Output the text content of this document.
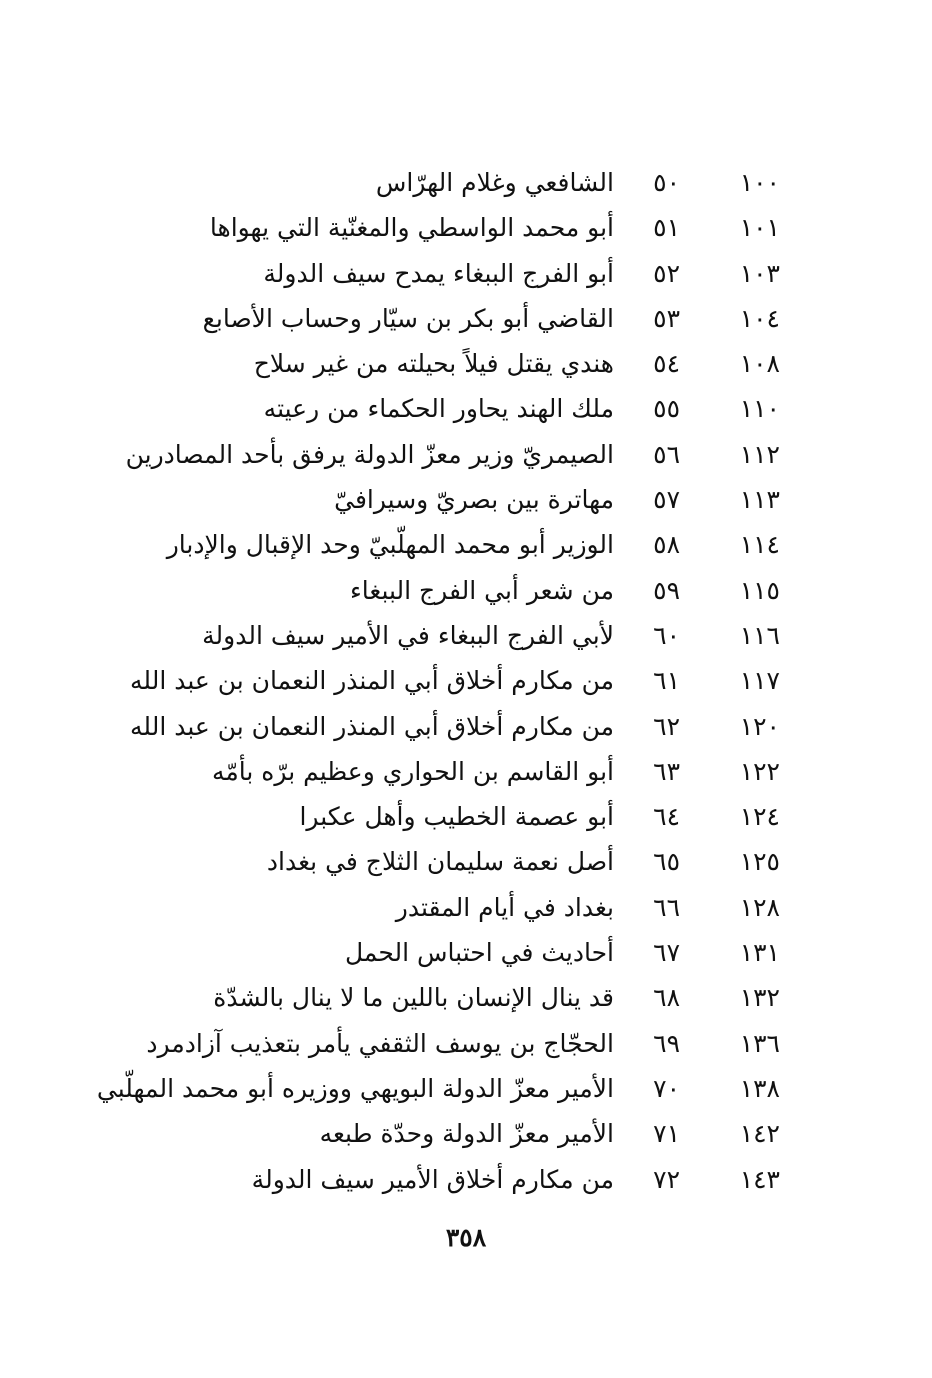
١٠٠
٥٠
الشافعي وغلام الهرّاس
١٠١
٥١
أبو محمد الواسطي والمغنّية التي يهواها
١٠٣
٥٢
أبو الفرج الببغاء يمدح سيف الدولة
١٠٤
٥٣
القاضي أبو بكر بن سيّار وحساب الأصابع
١٠٨
٥٤
هندي يقتل فيلاً بحيلته من غير سلاح
١١٠
٥٥
ملك الهند يحاور الحكماء من رعيته
١١٢
٥٦
الصيمريّ وزير معزّ الدولة يرفق بأحد المصادرين
١١٣
٥٧
مهاترة بين بصريّ وسيرافيّ
١١٤
٥٨
الوزير أبو محمد المهلّبيّ وحد الإقبال والإدبار
١١٥
٥٩
من شعر أبي الفرج الببغاء
١١٦
٦٠
لأبي الفرج الببغاء في الأمير سيف الدولة
١١٧
٦١
من مكارم أخلاق أبي المنذر النعمان بن عبد الله
١٢٠
٦٢
من مكارم أخلاق أبي المنذر النعمان بن عبد الله
١٢٢
٦٣
أبو القاسم بن الحواري وعظيم برّه بأمّه
١٢٤
٦٤
أبو عصمة الخطيب وأهل عكبرا
١٢٥
٦٥
أصل نعمة سليمان الثلاج في بغداد
١٢٨
٦٦
بغداد في أيام المقتدر
١٣١
٦٧
أحاديث في احتباس الحمل
١٣٢
٦٨
قد ينال الإنسان باللين ما لا ينال بالشدّة
١٣٦
٦٩
الحجّاج بن يوسف الثقفي يأمر بتعذيب آزادمرد
١٣٨
٧٠
الأمير معزّ الدولة البويهي ووزيره أبو محمد المهلّبي
١٤٢
٧١
الأمير معزّ الدولة وحدّة طبعه
١٤٣
٧٢
من مكارم أخلاق الأمير سيف الدولة
٣٥٨
